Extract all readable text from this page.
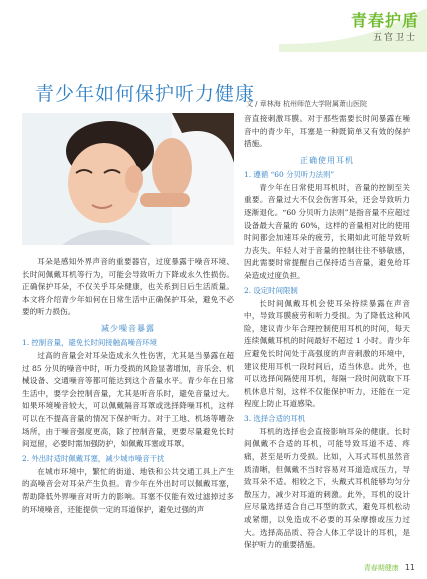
青春护盾
五官卫士
青少年如何保护听力健康
文 / 章林海 杭州师范大学附属萧山医院

耳朵是感知外界声音的重要器官，过度暴露于噪音环境、长时间佩戴耳机等行为，可能会导致听力下降或永久性损伤。正确保护耳朵，不仅关乎耳朵健康，也关系到日后生活质量。本文将介绍青少年如何在日常生活中正确保护耳朵，避免不必要的听力损伤。

减少噪音暴露
1. 控制音量，避免长时间接触高噪音环境

过高的音量会对耳朵造成永久性伤害，尤其是当暴露在超过 85 分贝的噪音中时，听力受损的风险显著增加，音乐会、机械设备、交通噪音等都可能达到这个音量水平。青少年在日常生活中，要学会控制音量，尤其是听音乐时，避免音量过大。如果环境噪音较大，可以佩戴隔音耳罩或选择降噪耳机，这样可以在不提高音量的情况下保护听力。对于工地、机场等嘈杂场所，由于噪音强度更高，除了控制音量，更要尽量避免长时间逗留，必要时需加强防护，如佩戴耳塞或耳罩。

2. 外出时适时佩戴耳塞，减少城市噪音干扰

在城市环境中，繁忙的街道、地铁和公共交通工具上产生的高噪音会对耳朵产生负担。青少年在外出时可以佩戴耳塞，帮助降低外界噪音对听力的影响。耳塞不仅能有效过滤掉过多的环境噪音，还能提供一定的耳道保护，避免过强的声

音直接刺激耳膜。对于那些需要长时间暴露在噪音中的青少年，耳塞是一种既简单又有效的保护措施。

正确使用耳机
1. 遵循 “60 分贝听力法则”

青少年在日常使用耳机时，音量的控制至关重要。音量过大不仅会伤害耳朵，还会导致听力逐渐退化。“60 分贝听力法则”是指音量不应超过设备最大音量的 60%，这样的音量相对比的使用时间都会加速耳朵的疲劳，长期如此可能导致听力丧失。年轻人对于音量的控制往往不够敏感，因此需要时常提醒自己保持适当音量，避免给耳朵造成过度负担。

2. 设定时间限制

长时间佩戴耳机会使耳朵持续暴露在声音中，导致耳膜疲劳和听力受损。为了降低这种风险，建议青少年合理控制使用耳机的时间，每天连续佩戴耳机的时间最好不超过 1 小时。青少年应避免长时间处于高强度的声音刺激的环境中，建议使用耳机一段时间后，适当休息。此外，也可以选择间隔使用耳机，每隔一段时间就取下耳机休息片刻，这样不仅能保护听力，还能在一定程度上防止耳道感染。

3. 选择合适的耳机

耳机的选择也会直接影响耳朵的健康。长时间佩戴不合适的耳机，可能导致耳道不适、疼痛，甚至是听力受损。比如，入耳式耳机虽然音质清晰，但佩戴不当时容易对耳道造成压力，导致耳朵不适。相较之下，头戴式耳机能够均匀分散压力，减少对耳道的刺激。此外，耳机的设计应尽量选择适合自己耳型的款式，避免耳机松动或紧绷，以免造成不必要的耳朵摩擦或压力过大。选择高品质、符合人体工学设计的耳机，是保护听力的重要措施。

青春期健康 11
